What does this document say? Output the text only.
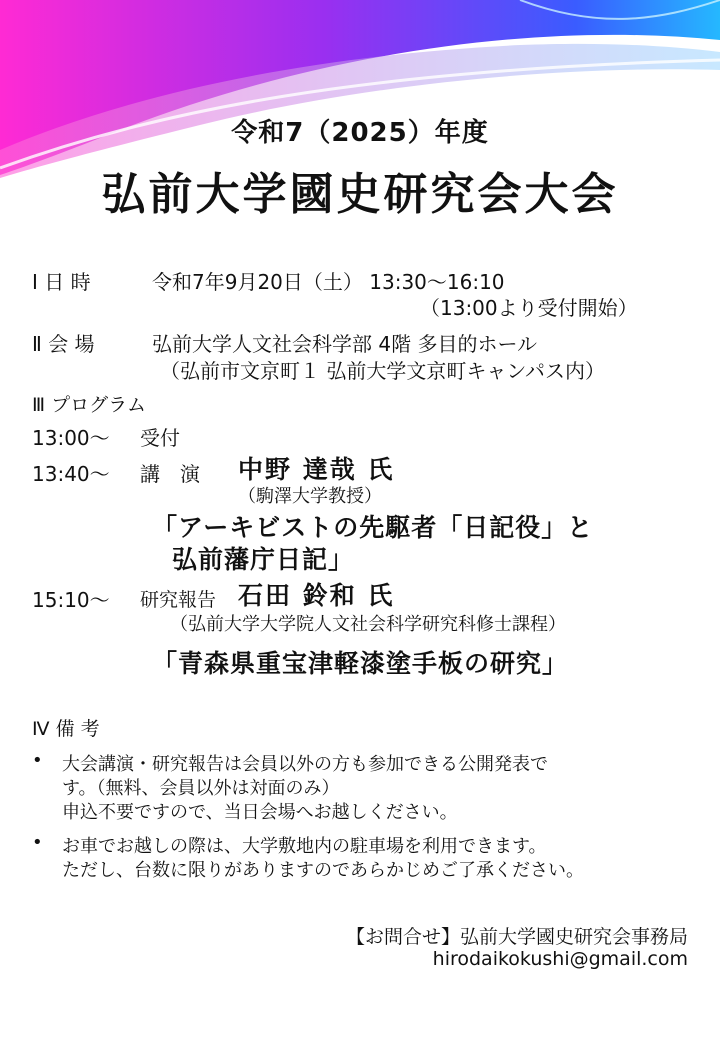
令和7（2025）年度
弘前大学國史研究会大会
Ⅰ 日 時	令和7年9月20日（土） 13:30〜16:10
（13:00より受付開始）
Ⅱ 会 場	弘前大学人文社会科学部 4階 多目的ホール
（弘前市文京町１ 弘前大学文京町キャンパス内）
Ⅲ プログラム
13:00〜 受付
13:40〜 講　演 中野 達哉 氏
（駒澤大学教授）
「アーキビストの先駆者「日記役」と
弘前藩庁日記」
15:10〜 研究報告 石田 鈴和 氏
（弘前大学大学院人文社会科学研究科修士課程）
「青森県重宝津軽漆塗手板の研究」
Ⅳ 備 考
• 大会講演・研究報告は会員以外の方も参加できる公開発表で
す。（無料、会員以外は対面のみ）
申込不要ですので、当日会場へお越しください。
• お車でお越しの際は、大学敷地内の駐車場を利用できます。
ただし、台数に限りがありますのであらかじめご了承ください。
【お問合せ】弘前大学國史研究会事務局
hirodaikokushi@gmail.com
